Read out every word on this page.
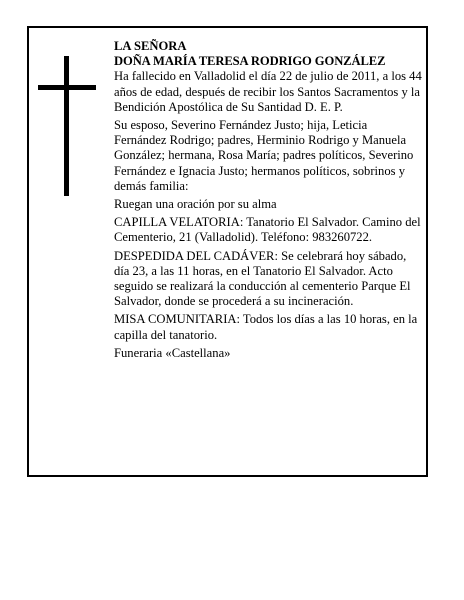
LA SEÑORA

DOÑA MARÍA TERESA RODRIGO GONZÁLEZ

Ha fallecido en Valladolid el día 22 de julio de 2011, a los 44 años de edad, después de recibir los Santos Sacramentos y la Bendición Apostólica de Su Santidad D. E. P.

Su esposo, Severino Fernández Justo; hija, Leticia Fernández Rodrigo; padres, Herminio Rodrigo y Manuela González; hermana, Rosa María; padres políticos, Severino Fernández e Ignacia Justo; hermanos políticos, sobrinos y demás familia:

Ruegan una oración por su alma

CAPILLA VELATORIA: Tanatorio El Salvador. Camino del Cementerio, 21 (Valladolid). Teléfono: 983260722.

DESPEDIDA DEL CADÁVER: Se celebrará hoy sábado, día 23, a las 11 horas, en el Tanatorio El Salvador. Acto seguido se realizará la conducción al cementerio Parque El Salvador, donde se procederá a su incineración.

MISA COMUNITARIA: Todos los días a las 10 horas, en la capilla del tanatorio.

Funeraria «Castellana»
